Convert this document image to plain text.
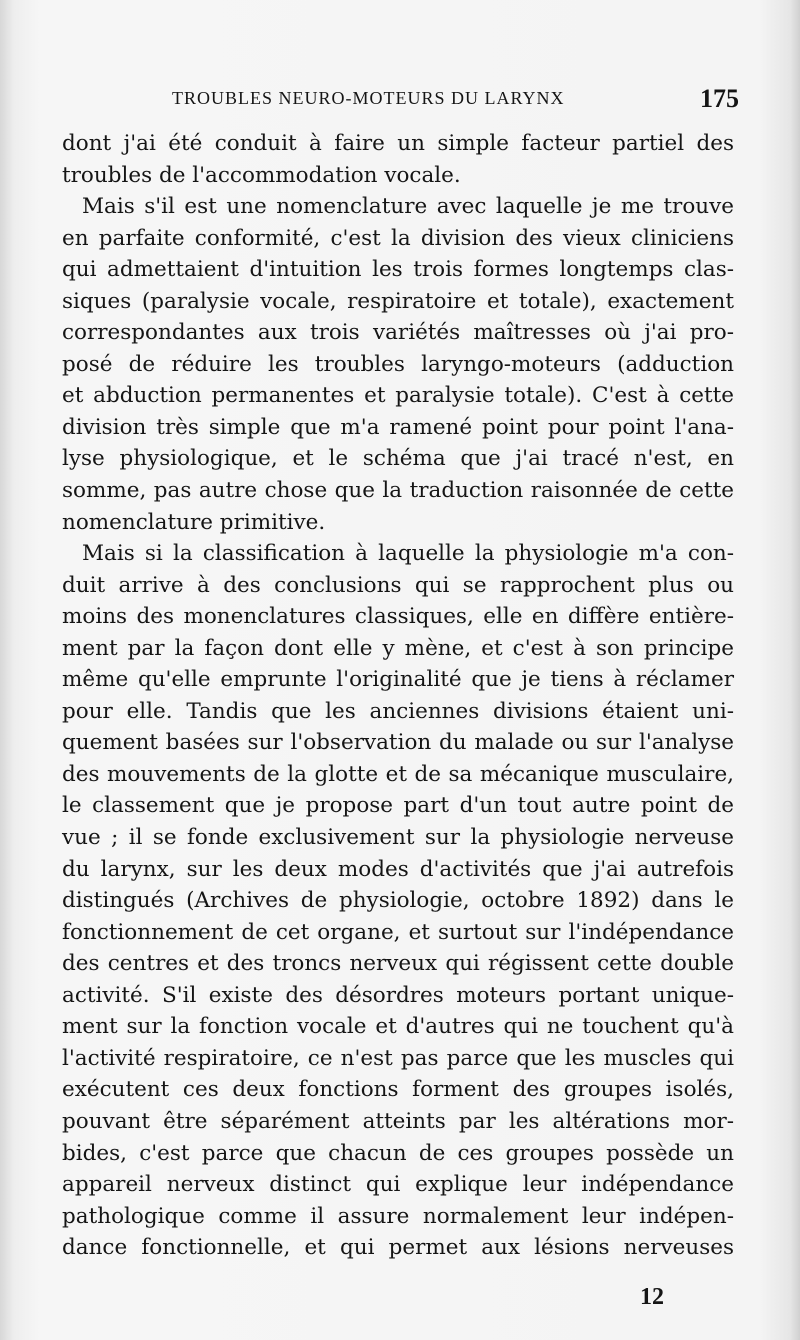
TROUBLES NEURO-MOTEURS DU LARYNX	175
dont j'ai été conduit à faire un simple facteur partiel des
troubles de l'accommodation vocale.
Mais s'il est une nomenclature avec laquelle je me trouve
en parfaite conformité, c'est la division des vieux cliniciens
qui admettaient d'intuition les trois formes longtemps clas-
siques (paralysie vocale, respiratoire et totale), exactement
correspondantes aux trois variétés maîtresses où j'ai pro-
posé de réduire les troubles laryngo-moteurs (adduction
et abduction permanentes et paralysie totale). C'est à cette
division très simple que m'a ramené point pour point l'ana-
lyse physiologique, et le schéma que j'ai tracé n'est, en
somme, pas autre chose que la traduction raisonnée de cette
nomenclature primitive.
Mais si la classification à laquelle la physiologie m'a con-
duit arrive à des conclusions qui se rapprochent plus ou
moins des monenclatures classiques, elle en diffère entière-
ment par la façon dont elle y mène, et c'est à son principe
même qu'elle emprunte l'originalité que je tiens à réclamer
pour elle. Tandis que les anciennes divisions étaient uni-
quement basées sur l'observation du malade ou sur l'analyse
des mouvements de la glotte et de sa mécanique musculaire,
le classement que je propose part d'un tout autre point de
vue ; il se fonde exclusivement sur la physiologie nerveuse
du larynx, sur les deux modes d'activités que j'ai autrefois
distingués (Archives de physiologie, octobre 1892) dans le
fonctionnement de cet organe, et surtout sur l'indépendance
des centres et des troncs nerveux qui régissent cette double
activité. S'il existe des désordres moteurs portant unique-
ment sur la fonction vocale et d'autres qui ne touchent qu'à
l'activité respiratoire, ce n'est pas parce que les muscles qui
exécutent ces deux fonctions forment des groupes isolés,
pouvant être séparément atteints par les altérations mor-
bides, c'est parce que chacun de ces groupes possède un
appareil nerveux distinct qui explique leur indépendance
pathologique comme il assure normalement leur indépen-
dance fonctionnelle, et qui permet aux lésions nerveuses
12
